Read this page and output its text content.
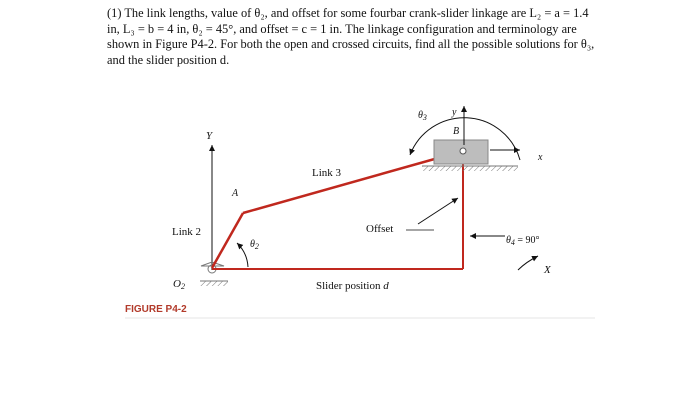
(1) The link lengths, value of θ₂, and offset for some fourbar crank-slider linkage are L₂ = a = 1.4 in, L₃ = b = 4 in, θ₂ = 45°, and offset = c = 1 in. The linkage configuration and terminology are shown in Figure P4-2. For both the open and crossed circuits, find all the possible solutions for θ₃, and the slider position d.

Y
O2
Link 2
A
$\theta_2$
Link 3
Slider position d
Offset
$\theta_4 = 90^\circ$
X
B
y
x
$\theta_3$
FIGURE P4-2
